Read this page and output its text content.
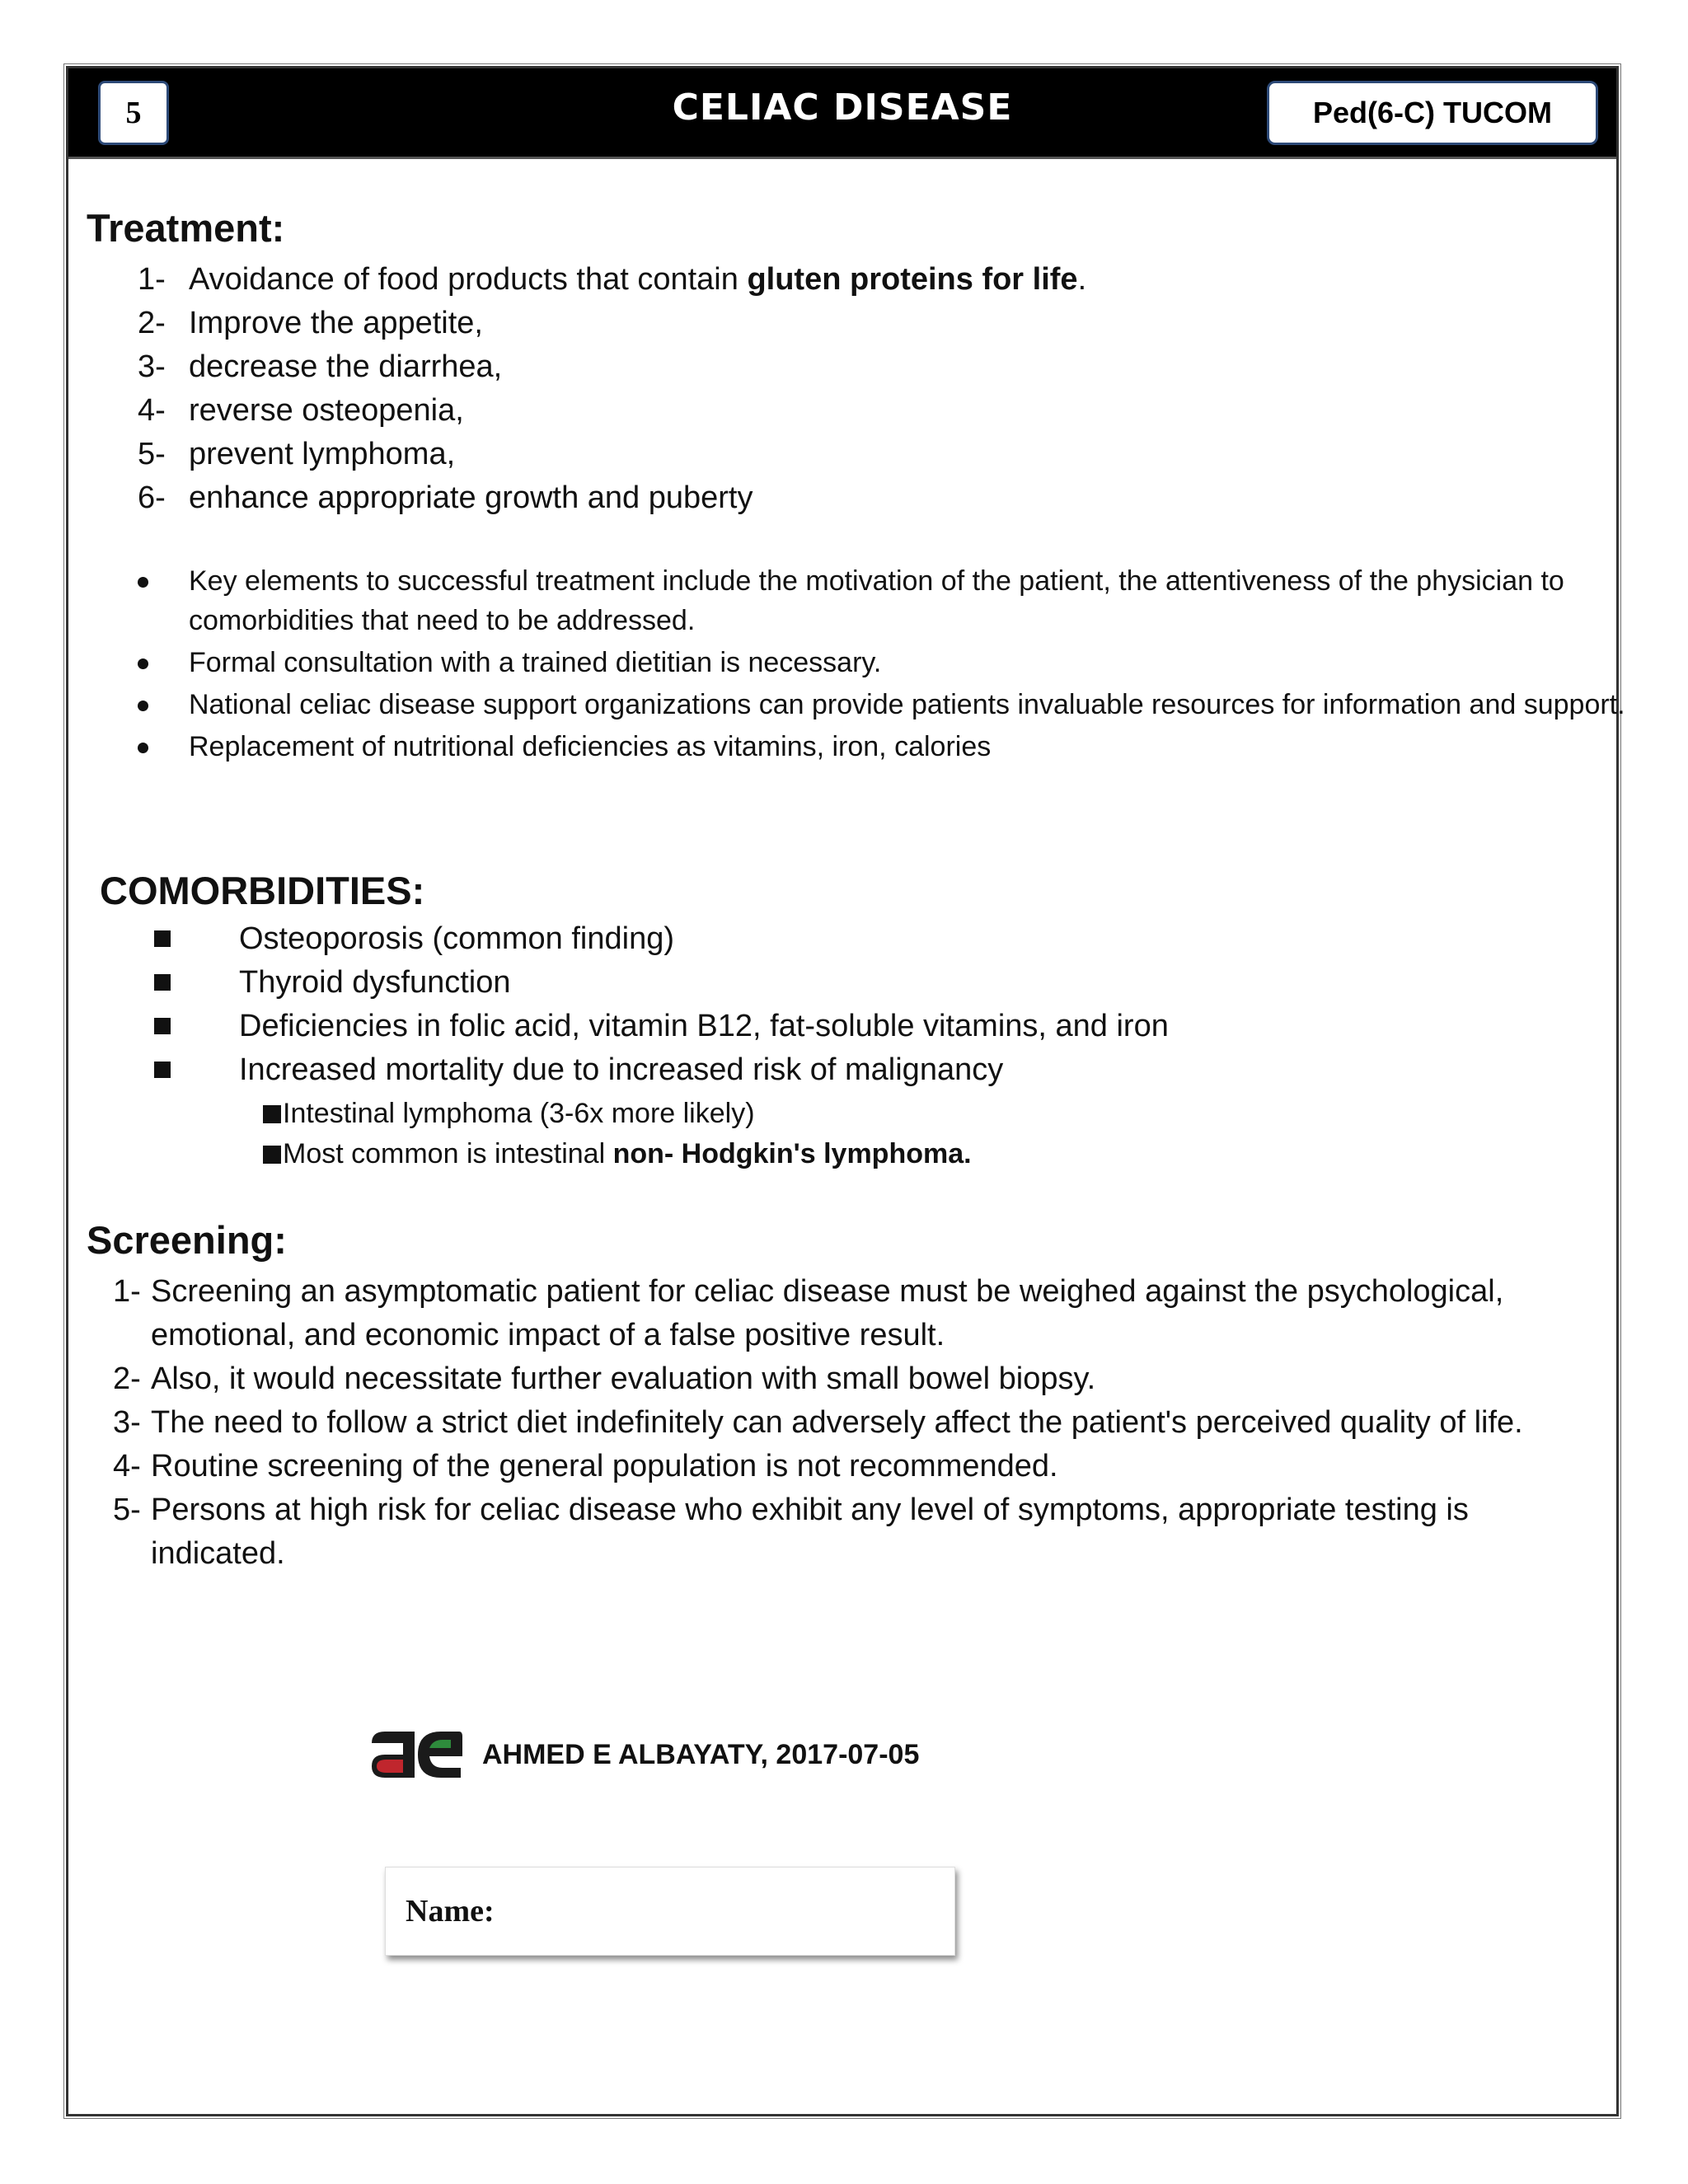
5	CELIAC DISEASE	Ped(6-C) TUCOM
Treatment:
1- Avoidance of food products that contain gluten proteins for life.
2- Improve the appetite,
3- decrease the diarrhea,
4- reverse osteopenia,
5- prevent lymphoma,
6- enhance appropriate growth and puberty
Key elements to successful treatment include the motivation of the patient, the attentiveness of the physician to comorbidities that need to be addressed.
Formal consultation with a trained dietitian is necessary.
National celiac disease support organizations can provide patients invaluable resources for information and support.
Replacement of nutritional deficiencies as vitamins, iron, calories
COMORBIDITIES:
Osteoporosis (common finding)
Thyroid dysfunction
Deficiencies in folic acid, vitamin B12, fat-soluble vitamins, and iron
Increased mortality due to increased risk of malignancy
Intestinal lymphoma (3-6x more likely)
Most common is intestinal non- Hodgkin's lymphoma.
Screening:
1- Screening an asymptomatic patient for celiac disease must be weighed against the psychological, emotional, and economic impact of a false positive result.
2- Also, it would necessitate further evaluation with small bowel biopsy.
3- The need to follow a strict diet indefinitely can adversely affect the patient's perceived quality of life.
4- Routine screening of the general population is not recommended.
5- Persons at high risk for celiac disease who exhibit any level of symptoms, appropriate testing is indicated.
AHMED E ALBAYATY, 2017-07-05
Name:
